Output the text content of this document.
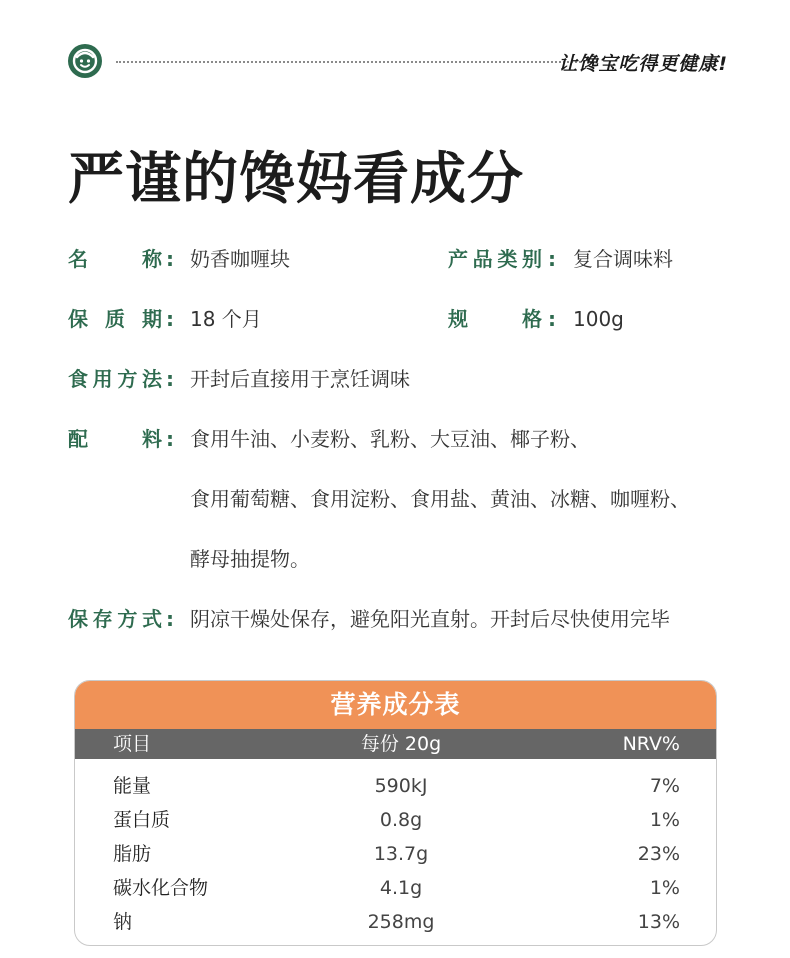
让馋宝吃得更健康!
严谨的馋妈看成分
名	称 : 奶香咖喱块	产 品 类 别 : 复合调味料
保 质 期 : 18 个月	规	格 : 100g
食 用 方 法 : 开封后直接用于烹饪调味
配	料 : 食用牛油、小麦粉、乳粉、大豆油、椰子粉、
食用葡萄糖、食用淀粉、食用盐、黄油、冰糖、咖喱粉、
酵母抽提物。
保 存 方 式 : 阴凉干燥处保存，避免阳光直射。开封后尽快使用完毕
营养成分表
项目	每份 20g	NRV%
能量	590kJ	7%
蛋白质	0.8g	1%
脂肪	13.7g	23%
碳水化合物	4.1g	1%
钠	258mg	13%
